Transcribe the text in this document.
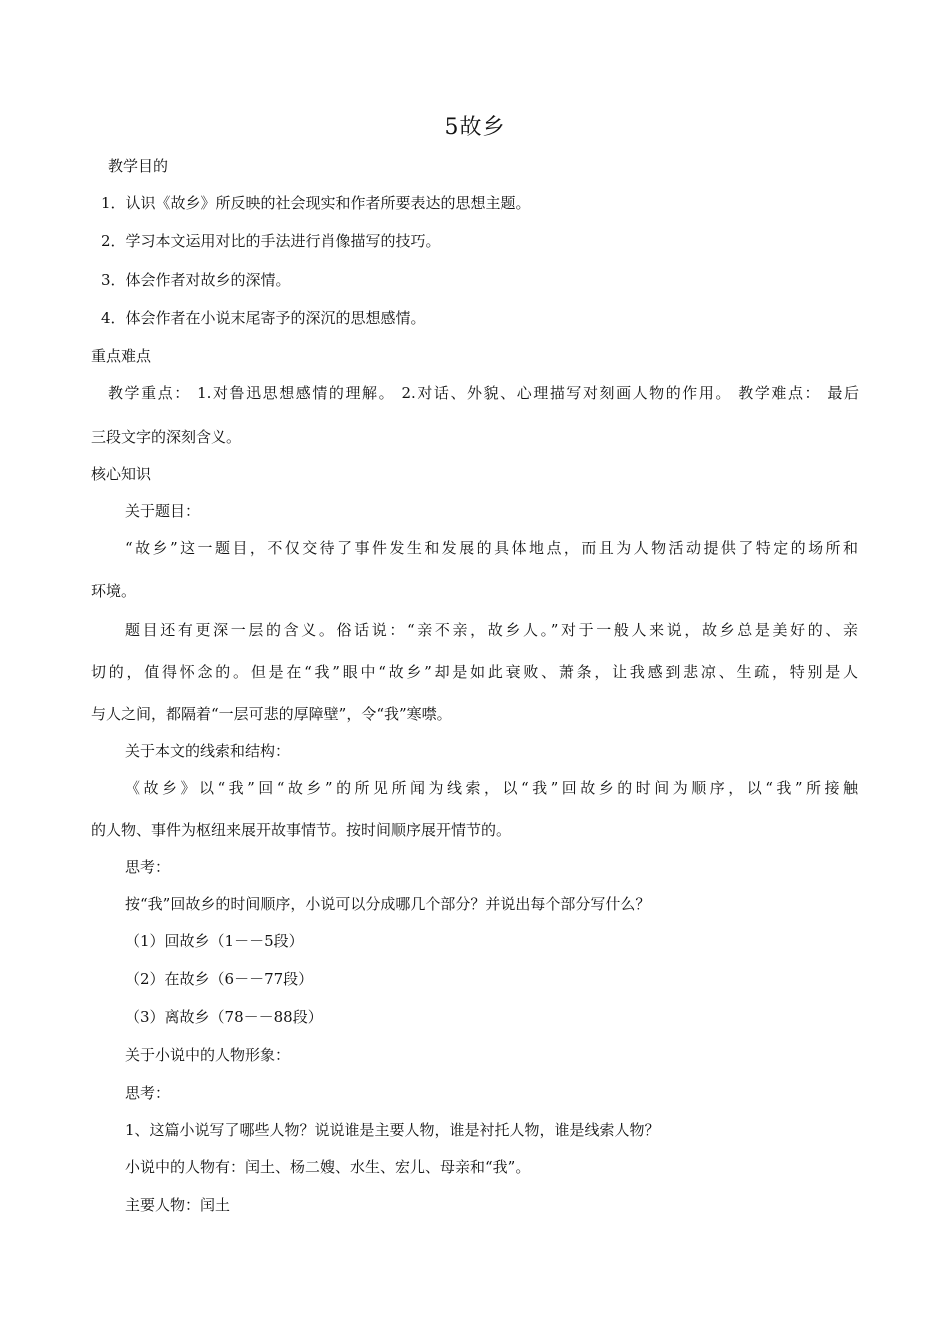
5故乡
教学目的
1．认识《故乡》所反映的社会现实和作者所要表达的思想主题。
2．学习本文运用对比的手法进行肖像描写的技巧。
3．体会作者对故乡的深情。
4．体会作者在小说末尾寄予的深沉的思想感情。
重点难点
教学重点： 1.对鲁迅思想感情的理解。 2.对话、外貌、心理描写对刻画人物的作用。 教学难点： 最后
三段文字的深刻含义。
核心知识
关于题目：
“故乡”这一题目，不仅交待了事件发生和发展的具体地点，而且为人物活动提供了特定的场所和
环境。
题目还有更深一层的含义。俗话说：“亲不亲，故乡人。”对于一般人来说，故乡总是美好的、亲
切的，值得怀念的。但是在“我”眼中“故乡”却是如此衰败、萧条，让我感到悲凉、生疏，特别是人
与人之间，都隔着“一层可悲的厚障壁”，令“我”寒噤。
关于本文的线索和结构：
《故乡》以“我”回“故乡”的所见所闻为线索，以“我”回故乡的时间为顺序，以“我”所接触
的人物、事件为枢纽来展开故事情节。按时间顺序展开情节的。
思考：
按“我”回故乡的时间顺序，小说可以分成哪几个部分？并说出每个部分写什么？
（1）回故乡（1－－5段）
（2）在故乡（6－－77段）
（3）离故乡（78－－88段）
关于小说中的人物形象：
思考：
1、这篇小说写了哪些人物？说说谁是主要人物，谁是衬托人物，谁是线索人物？
小说中的人物有：闰土、杨二嫂、水生、宏儿、母亲和“我”。
主要人物：闰土
